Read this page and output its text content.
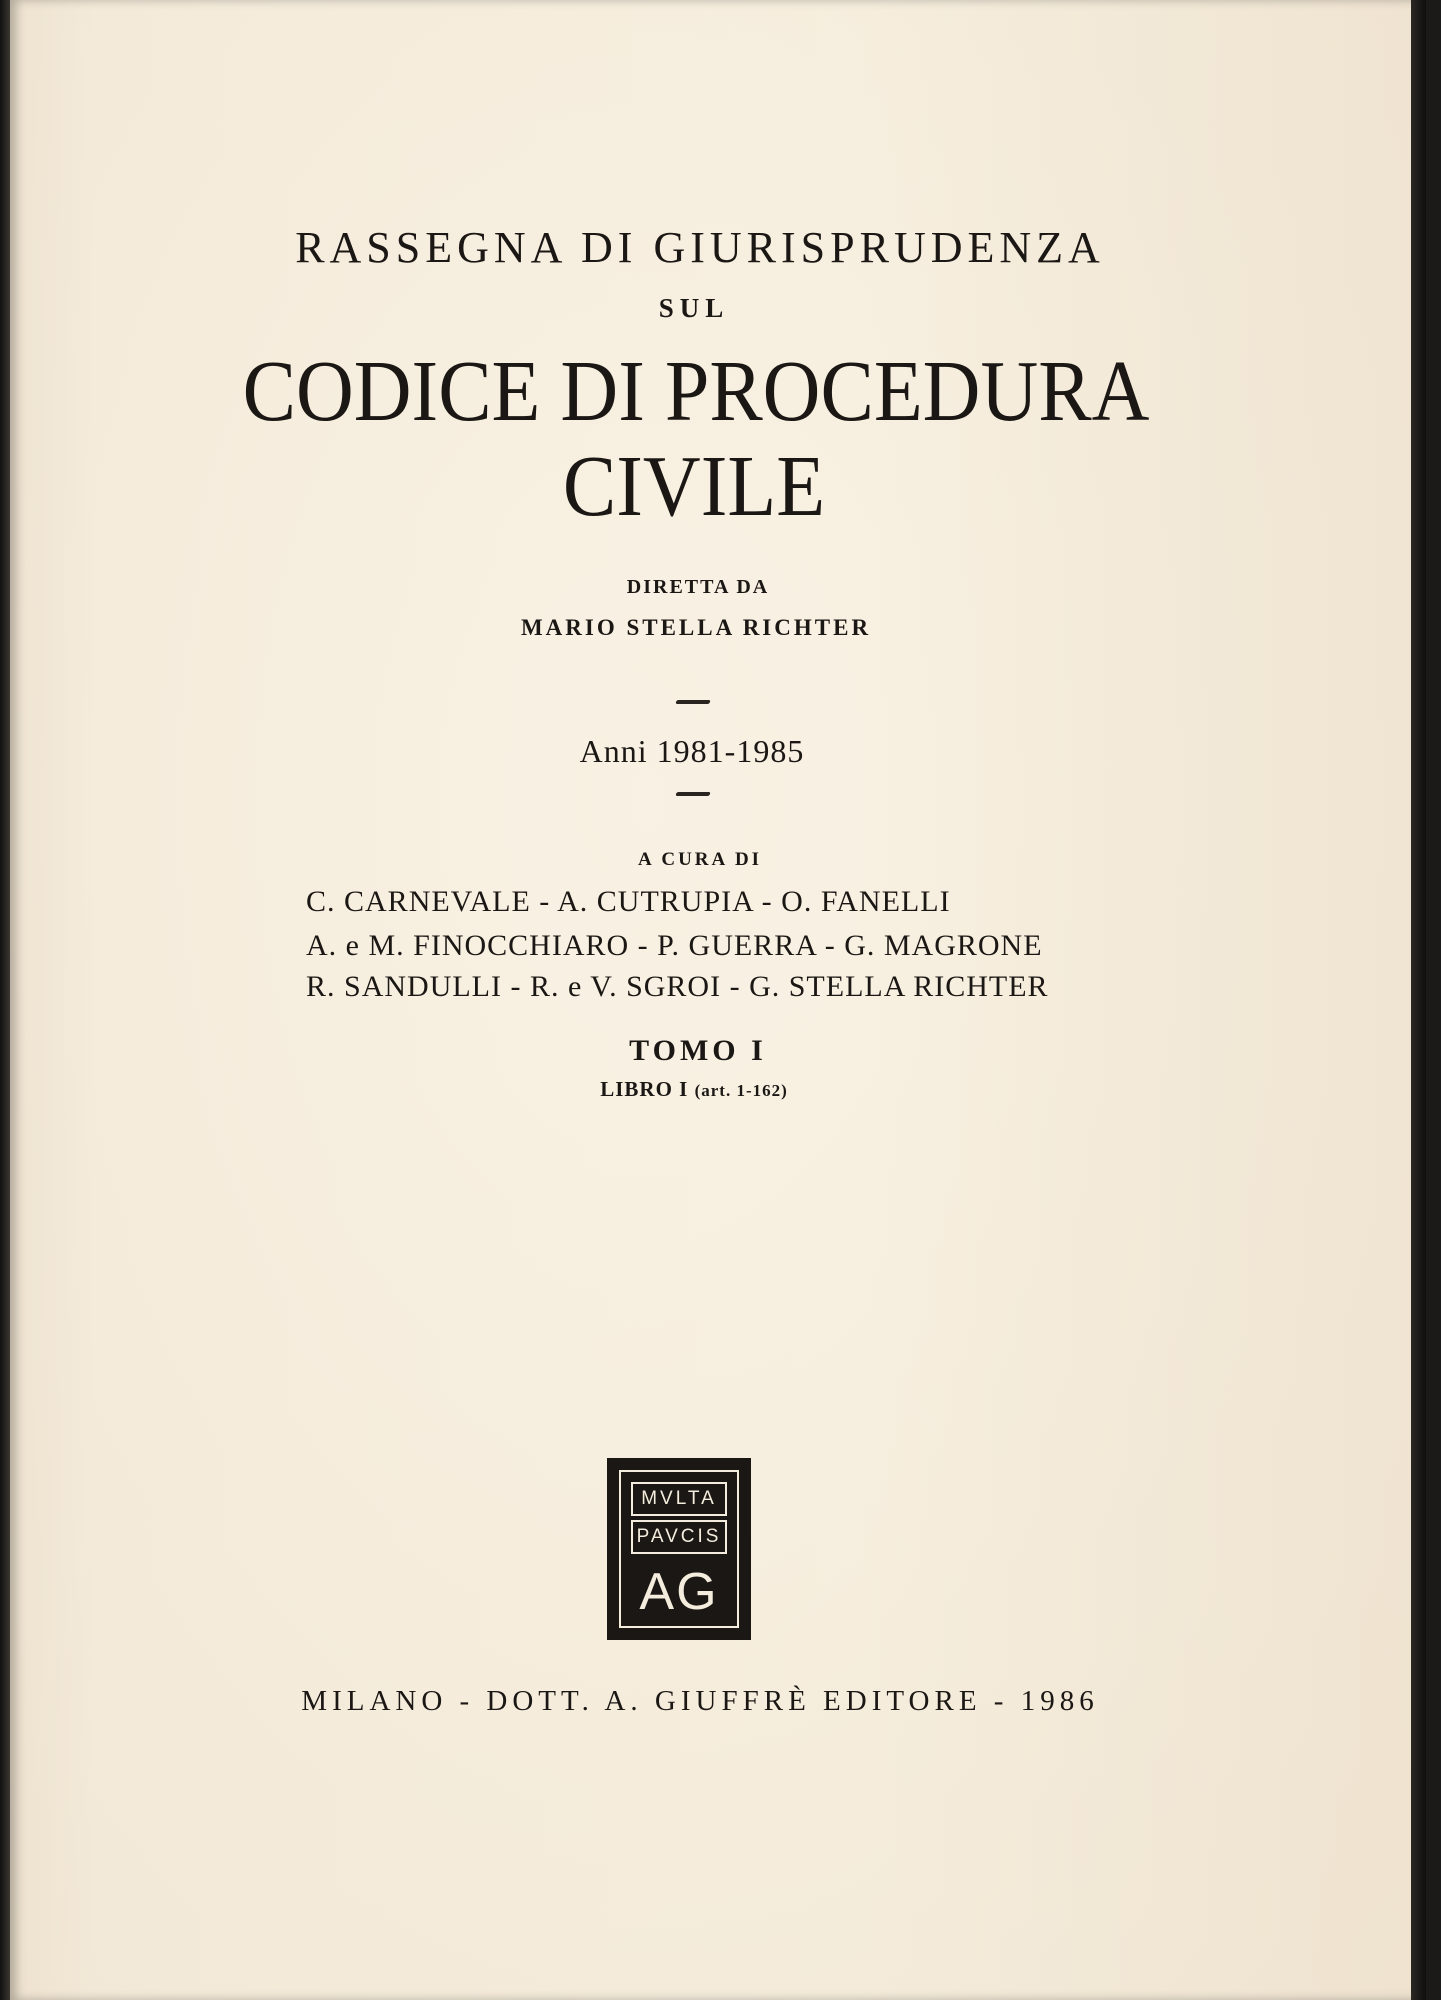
RASSEGNA DI GIURISPRUDENZA
SUL
CODICE DI PROCEDURA
CIVILE
DIRETTA DA
MARIO STELLA RICHTER
Anni 1981-1985
A CURA DI
C. CARNEVALE - A. CUTRUPIA - O. FANELLI
A. e M. FINOCCHIARO - P. GUERRA - G. MAGRONE
R. SANDULLI - R. e V. SGROI - G. STELLA RICHTER
TOMO I
LIBRO I (art. 1-162)
MVLTA
PAVCIS
AG
MILANO - DOTT. A. GIUFFRÈ EDITORE - 1986
